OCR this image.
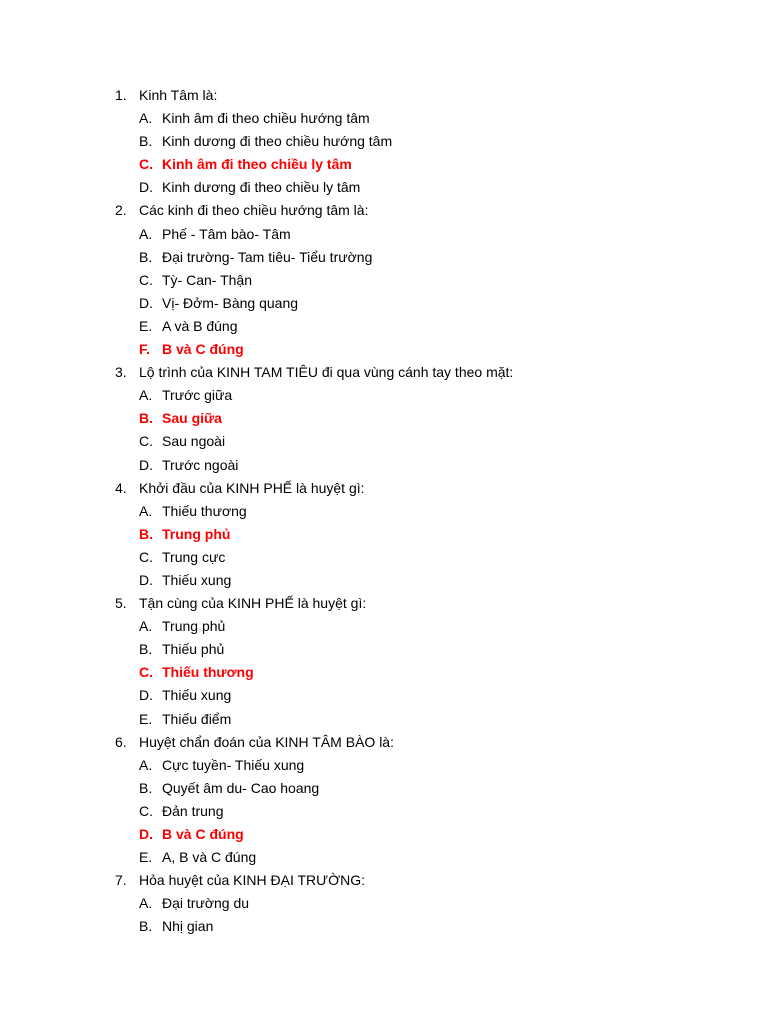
1. Kinh Tâm là:
A. Kinh âm đi theo chiều hướng tâm
B. Kinh dương đi theo chiều hướng tâm
C. Kinh âm đi theo chiều ly tâm
D. Kinh dương đi theo chiều ly tâm
2. Các kinh đi theo chiều hướng tâm là:
A. Phế - Tâm bào- Tâm
B. Đại trường- Tam tiêu- Tiểu trường
C. Tỳ- Can- Thận
D. Vị- Đởm- Bàng quang
E. A và B đúng
F. B và C đúng
3. Lộ trình của KINH TAM TIÊU đi qua vùng cánh tay theo mặt:
A. Trước giữa
B. Sau giữa
C. Sau ngoài
D. Trước ngoài
4. Khởi đầu của KINH PHẾ là huyệt gì:
A. Thiếu thương
B. Trung phủ
C. Trung cực
D. Thiếu xung
5. Tận cùng của KINH PHẾ là huyệt gì:
A. Trung phủ
B. Thiếu phủ
C. Thiếu thương
D. Thiếu xung
E. Thiếu điểm
6. Huyệt chẩn đoán của KINH TÂM BÀO là:
A. Cực tuyền- Thiếu xung
B. Quyết âm du- Cao hoang
C. Đản trung
D. B và C đúng
E. A, B và C đúng
7. Hỏa huyệt của KINH ĐẠI TRƯỜNG:
A. Đại trường du
B. Nhị gian
